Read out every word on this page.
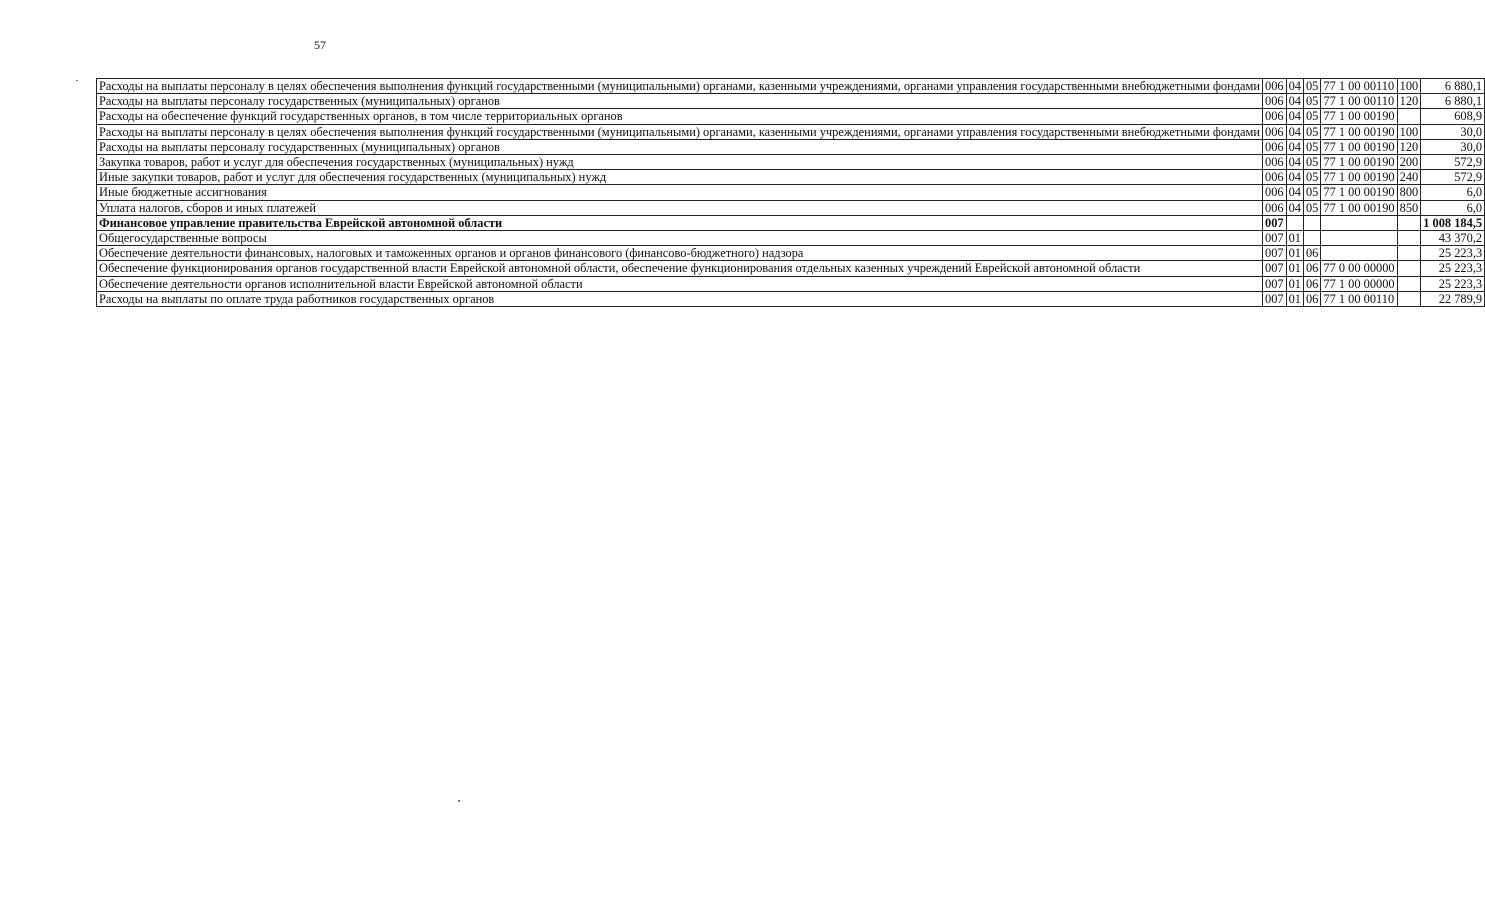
57
Расходы на выплаты персоналу в целях обеспечения выполнения функций государственными (муниципальными) органами, казенными учреждениями, органами управления государственными внебюджетными фондами	006	04	05	77 1 00 00110	100	6 880,1
Расходы на выплаты персоналу государственных (муниципальных) органов	006	04	05	77 1 00 00110	120	6 880,1
Расходы на обеспечение функций государственных органов, в том числе территориальных органов	006	04	05	77 1 00 00190		608,9
Расходы на выплаты персоналу в целях обеспечения выполнения функций государственными (муниципальными) органами, казенными учреждениями, органами управления государственными внебюджетными фондами	006	04	05	77 1 00 00190	100	30,0
Расходы на выплаты персоналу государственных (муниципальных) органов	006	04	05	77 1 00 00190	120	30,0
Закупка товаров, работ и услуг для обеспечения государственных (муниципальных) нужд	006	04	05	77 1 00 00190	200	572,9
Иные закупки товаров, работ и услуг для обеспечения государственных (муниципальных) нужд	006	04	05	77 1 00 00190	240	572,9
Иные бюджетные ассигнования	006	04	05	77 1 00 00190	800	6,0
Уплата налогов, сборов и иных платежей	006	04	05	77 1 00 00190	850	6,0
Финансовое управление правительства Еврейской автономной области	007					1 008 184,5
Общегосударственные вопросы	007	01				43 370,2
Обеспечение деятельности финансовых, налоговых и таможенных органов и органов финансового (финансово-бюджетного) надзора	007	01	06			25 223,3
Обеспечение функционирования органов государственной власти Еврейской автономной области, обеспечение функционирования отдельных казенных учреждений Еврейской автономной области	007	01	06	77 0 00 00000		25 223,3
Обеспечение деятельности органов исполнительной власти Еврейской автономной области	007	01	06	77 1 00 00000		25 223,3
Расходы на выплаты по оплате труда работников государственных органов	007	01	06	77 1 00 00110		22 789,9
